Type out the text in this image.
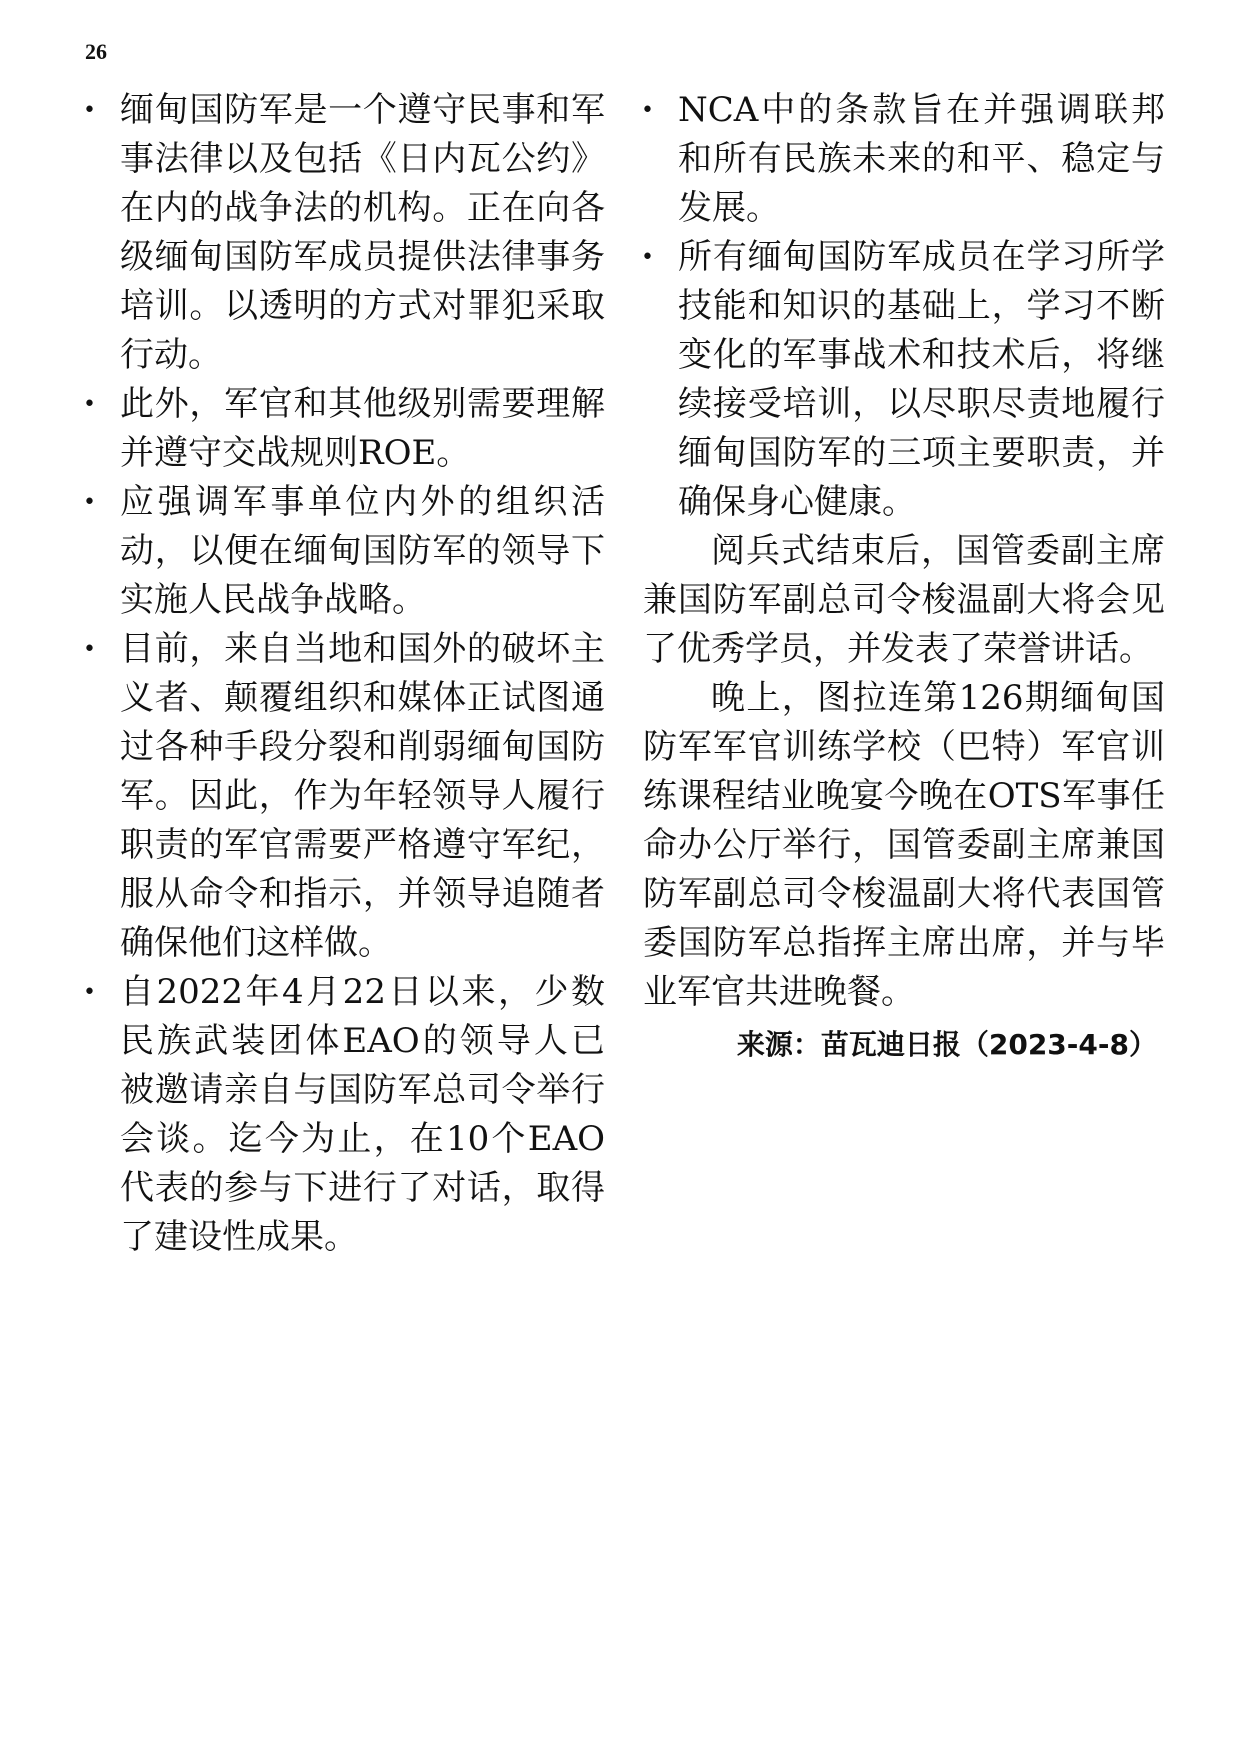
26
• 缅甸国防军是一个遵守民事和军事法律以及包括《日内瓦公约》在内的战争法的机构。正在向各级缅甸国防军成员提供法律事务培训。以透明的方式对罪犯采取行动。
• 此外，军官和其他级别需要理解并遵守交战规则ROE。
• 应强调军事单位内外的组织活动，以便在缅甸国防军的领导下实施人民战争战略。
• 目前，来自当地和国外的破坏主义者、颠覆组织和媒体正试图通过各种手段分裂和削弱缅甸国防军。因此，作为年轻领导人履行职责的军官需要严格遵守军纪，服从命令和指示，并领导追随者确保他们这样做。
• 自2022年4月22日以来，少数民族武装团体EAO的领导人已被邀请亲自与国防军总司令举行会谈。迄今为止，在10个EAO代表的参与下进行了对话，取得了建设性成果。
• NCA中的条款旨在并强调联邦和所有民族未来的和平、稳定与发展。
• 所有缅甸国防军成员在学习所学技能和知识的基础上，学习不断变化的军事战术和技术后，将继续接受培训，以尽职尽责地履行缅甸国防军的三项主要职责，并确保身心健康。

阅兵式结束后，国管委副主席兼国防军副总司令梭温副大将会见了优秀学员，并发表了荣誉讲话。

晚上，图拉连第126期缅甸国防军军官训练学校（巴特）军官训练课程结业晚宴今晚在OTS军事任命办公厅举行，国管委副主席兼国防军副总司令梭温副大将代表国管委国防军总指挥主席出席，并与毕业军官共进晚餐。

来源：苗瓦迪日报（2023-4-8）
